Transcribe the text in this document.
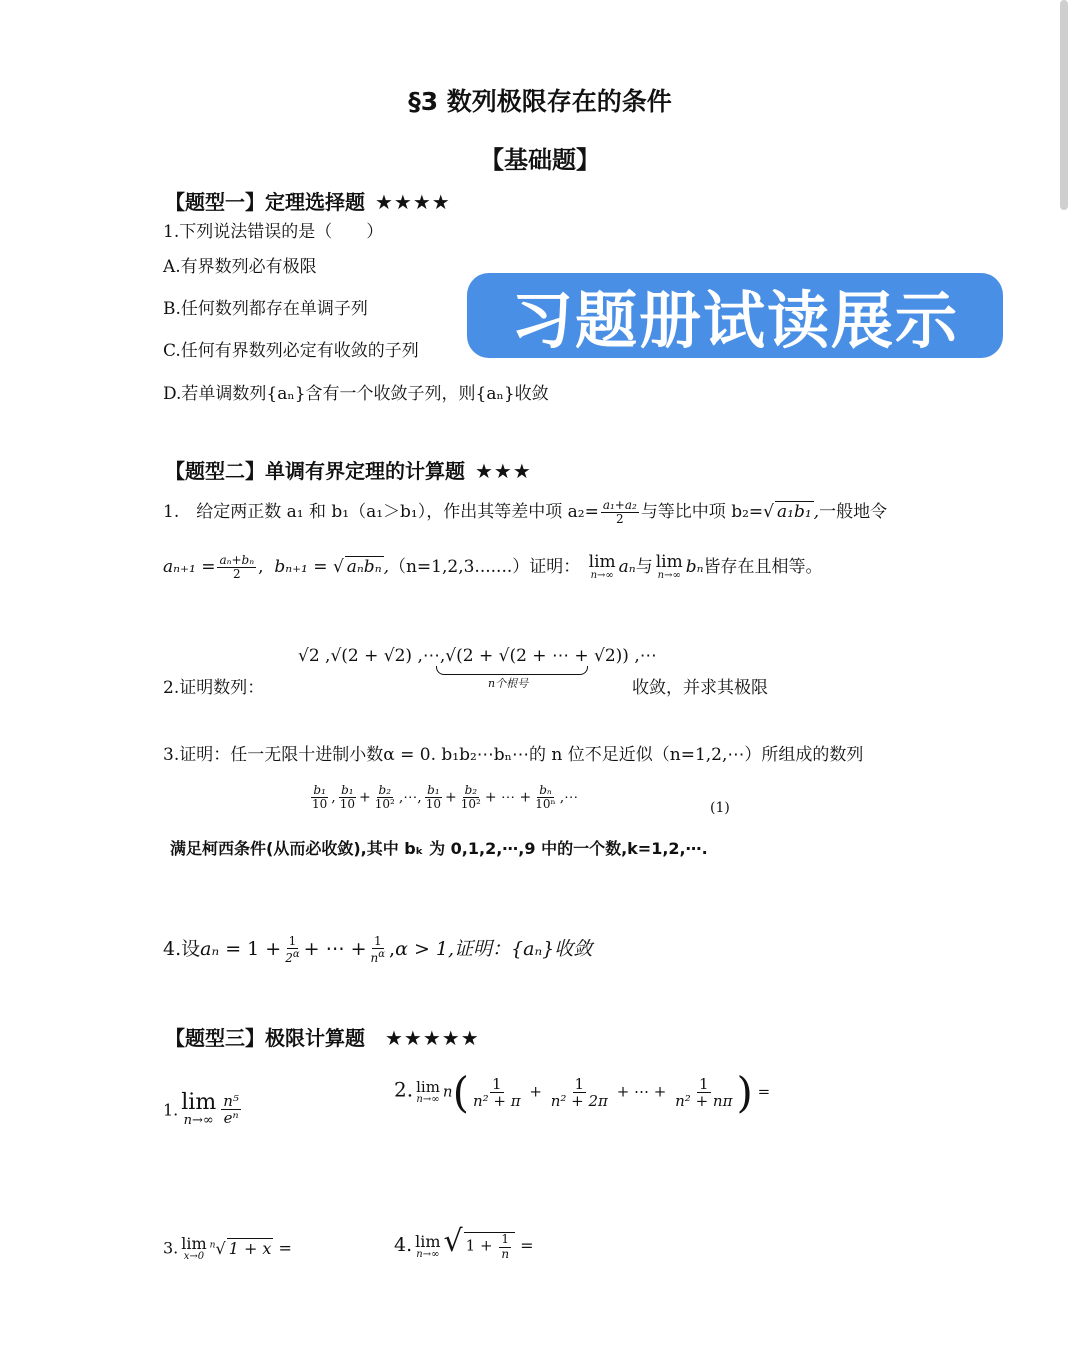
§3 数列极限存在的条件
【基础题】
【题型一】定理选择题 ★★★★
1.下列说法错误的是（　　）
A.有界数列必有极限
B.任何数列都存在单调子列
C.任何有界数列必定有收敛的子列
D.若单调数列{aₙ}含有一个收敛子列，则{aₙ}收敛
习题册试读展示
【题型二】单调有界定理的计算题 ★★★
1.　给定两正数 a₁ 和 b₁（a₁＞b₁），作出其等差中项 $a_2= \frac{\text{a₁+a₂}}{2}$ 与等比中项 b₂=√ a₁b₁ ,一般地令
$a_{n+1} = \frac{\text{aₙ+bₙ}}{2}$ ,  bₙ₊₁ = √ aₙbₙ ,（n=1,2,3.......）证明： lim
n→∞ aₙ与 lim
n→∞ bₙ皆存在且相等。
√2 ,√(2 + √2) ,⋯,√(2 + √(2 + ⋯ + √2)) ,⋯
n个根号
2.证明数列：	收敛，并求其极限
3.证明：任一无限十进制小数α = 0. b₁b₂⋯bₙ⋯的 n 位不足近似（n=1,2,⋯）所组成的数列
$\frac{\text{b₁}}{10}$ , $\frac{\text{b₁}}{10} + \frac{\text{b₂}}{\text{10²}}$ ,⋯, $\frac{\text{b₁}}{10} + \frac{\text{b₂}}{\text{10²}}$ + ⋯ + $\frac{\text{bₙ}}{\text{10ⁿ}}$ ,⋯
(1)
满足柯西条件(从而必收敛),其中 bₖ 为 0,1,2,⋯,9 中的一个数,k=1,2,⋯.
4.设$a_n = 1 + \frac{1}{2^\alpha}$ + ⋯ + $\frac{1}{n^\alpha} ,\alpha > 1$,证明：{aₙ}收敛
【题型三】极限计算题 ★★★★★
1. lim
$n\to\infty \frac{\text{n⁵}}{\text{eⁿ}}$
2. lim
n→∞ $n( \frac{1}{\text{n² + π}} + \frac{1}{\text{n² + 2π}}$ + ⋯ + $\frac{1}{\text{n² + nπ}}$ ) =
3. lim
x→0
$^n$√ 1 + x =	4. lim
n→∞ √ $1 + \frac{1}{n}$ =
